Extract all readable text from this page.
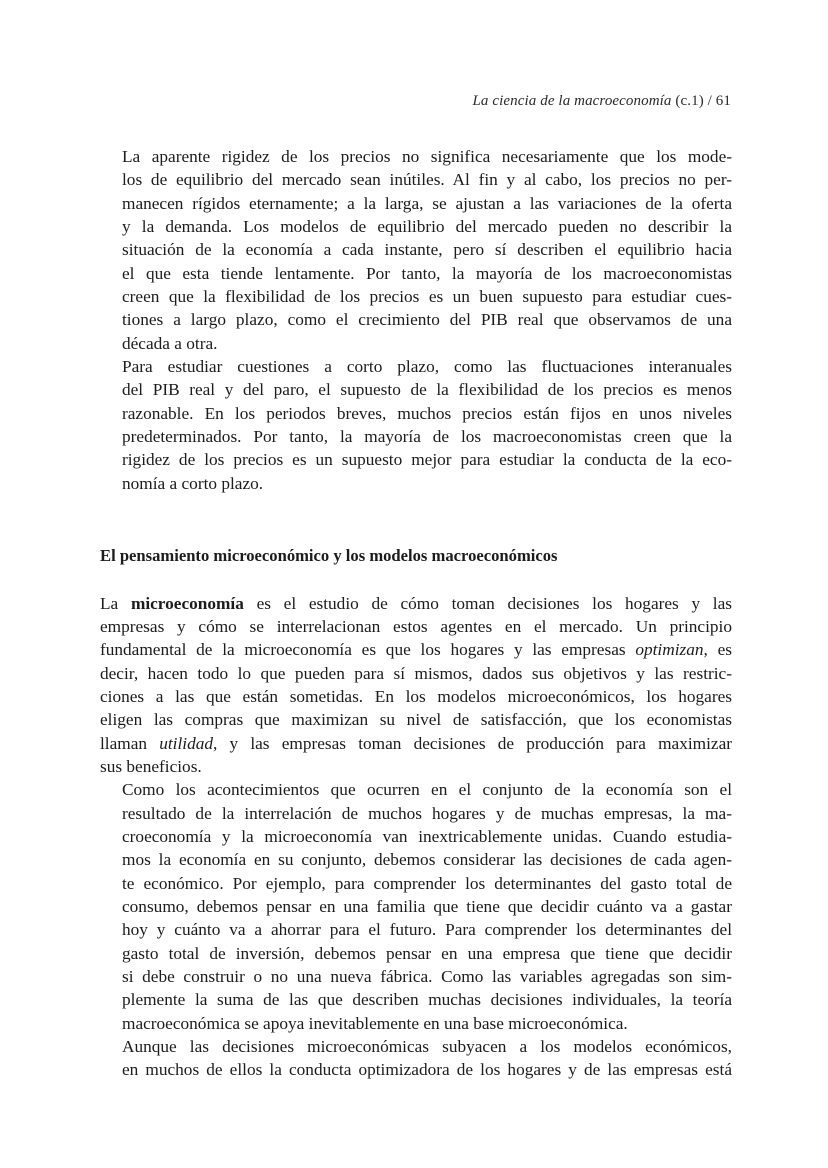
La ciencia de la macroeconomía (c.1) / 61

La aparente rigidez de los precios no significa necesariamente que los mode-
los de equilibrio del mercado sean inútiles. Al fin y al cabo, los precios no per-
manecen rígidos eternamente; a la larga, se ajustan a las variaciones de la oferta
y la demanda. Los modelos de equilibrio del mercado pueden no describir la
situación de la economía a cada instante, pero sí describen el equilibrio hacia
el que esta tiende lentamente. Por tanto, la mayoría de los macroeconomistas
creen que la flexibilidad de los precios es un buen supuesto para estudiar cues-
tiones a largo plazo, como el crecimiento del PIB real que observamos de una
década a otra.

Para estudiar cuestiones a corto plazo, como las fluctuaciones interanuales
del PIB real y del paro, el supuesto de la flexibilidad de los precios es menos
razonable. En los periodos breves, muchos precios están fijos en unos niveles
predeterminados. Por tanto, la mayoría de los macroeconomistas creen que la
rigidez de los precios es un supuesto mejor para estudiar la conducta de la eco-
nomía a corto plazo.

El pensamiento microeconómico y los modelos macroeconómicos

La microeconomía es el estudio de cómo toman decisiones los hogares y las
empresas y cómo se interrelacionan estos agentes en el mercado. Un principio
fundamental de la microeconomía es que los hogares y las empresas optimizan, es
decir, hacen todo lo que pueden para sí mismos, dados sus objetivos y las restric-
ciones a las que están sometidas. En los modelos microeconómicos, los hogares
eligen las compras que maximizan su nivel de satisfacción, que los economistas
llaman utilidad, y las empresas toman decisiones de producción para maximizar
sus beneficios.

Como los acontecimientos que ocurren en el conjunto de la economía son el
resultado de la interrelación de muchos hogares y de muchas empresas, la ma-
croeconomía y la microeconomía van inextricablemente unidas. Cuando estudia-
mos la economía en su conjunto, debemos considerar las decisiones de cada agen-
te económico. Por ejemplo, para comprender los determinantes del gasto total de
consumo, debemos pensar en una familia que tiene que decidir cuánto va a gastar
hoy y cuánto va a ahorrar para el futuro. Para comprender los determinantes del
gasto total de inversión, debemos pensar en una empresa que tiene que decidir
si debe construir o no una nueva fábrica. Como las variables agregadas son sim-
plemente la suma de las que describen muchas decisiones individuales, la teoría
macroeconómica se apoya inevitablemente en una base microeconómica.

Aunque las decisiones microeconómicas subyacen a los modelos económicos,
en muchos de ellos la conducta optimizadora de los hogares y de las empresas está
